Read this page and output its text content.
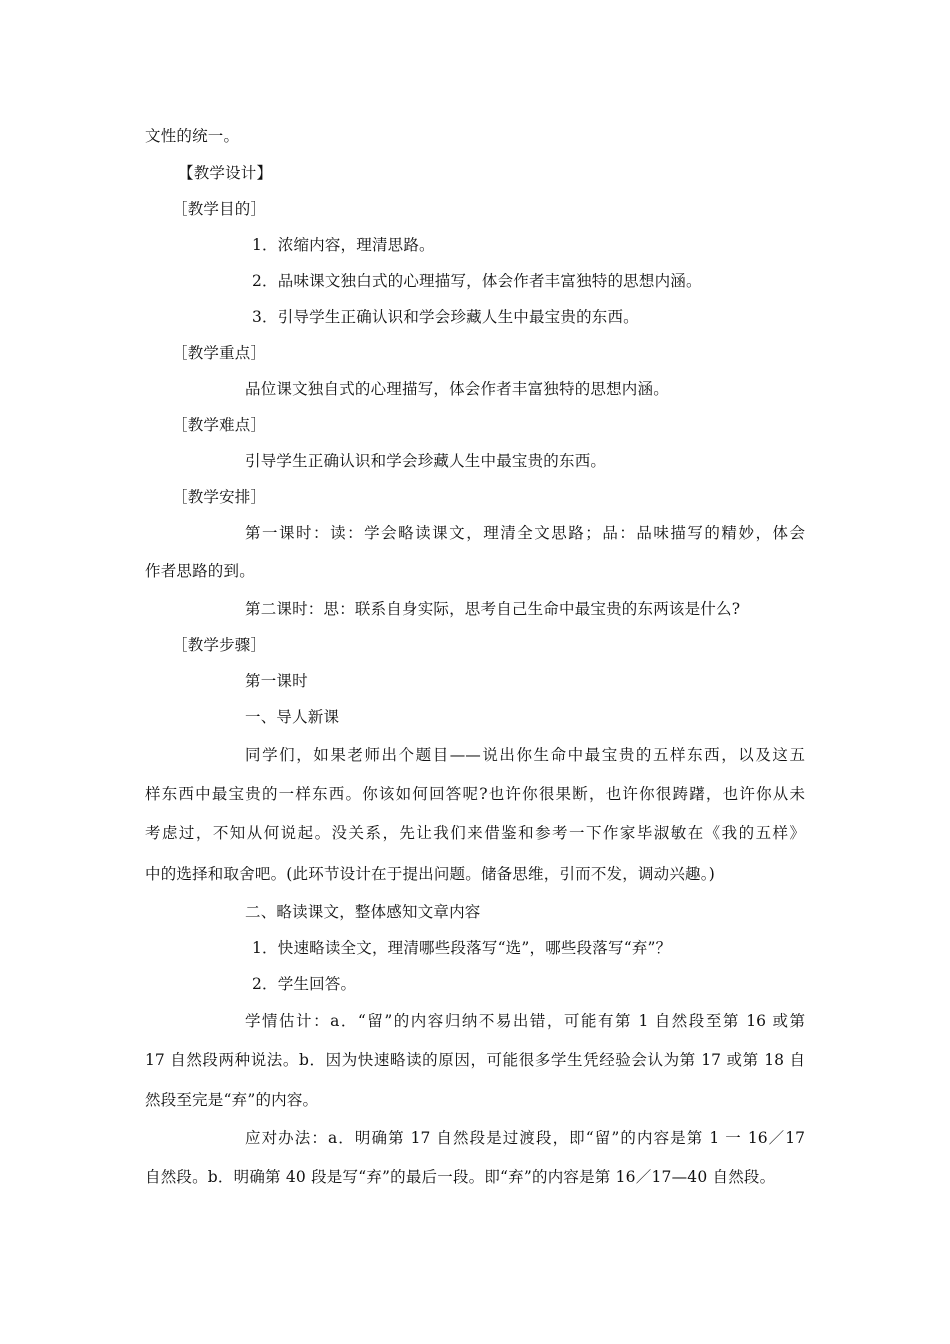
文性的统一。
【教学设计】
［教学目的］
1．浓缩内容，理清思路。
2．品味课文独白式的心理描写，体会作者丰富独特的思想内涵。
3．引导学生正确认识和学会珍藏人生中最宝贵的东西。
［教学重点］
品位课文独自式的心理描写，体会作者丰富独特的思想内涵。
［教学难点］
引导学生正确认识和学会珍藏人生中最宝贵的东西。
［教学安排］
第一课时：读：学会略读课文，理清全文思路；品：品味描写的精妙，体会
作者思路的到。
第二课时：思：联系自身实际，思考自己生命中最宝贵的东两该是什么?
［教学步骤］
第一课时
一、导人新课
同学们，如果老师出个题目——说出你生命中最宝贵的五样东西，以及这五
样东西中最宝贵的一样东西。你该如何回答呢?也许你很果断，也许你很踌躇，也许你从未
考虑过，不知从何说起。没关系，先让我们来借鉴和参考一下作家毕淑敏在《我的五样》
中的选择和取舍吧。(此环节设计在于提出问题。储备思维，引而不发，调动兴趣。)
二、略读课文，整体感知文章内容
1．快速略读全文，理清哪些段落写“选”，哪些段落写“弃”？
2．学生回答。
学情估计：a．“留”的内容归纳不易出错，可能有第 1 自然段至第 16 或第
17 自然段两种说法。b．因为快速略读的原因，可能很多学生凭经验会认为第 17 或第 18 自
然段至完是“弃”的内容。
应对办法：a．明确第 17 自然段是过渡段，即“留”的内容是第 1 一 16／17
自然段。b．明确第 40 段是写“弃”的最后一段。即“弃”的内容是第 16／17—40 自然段。
